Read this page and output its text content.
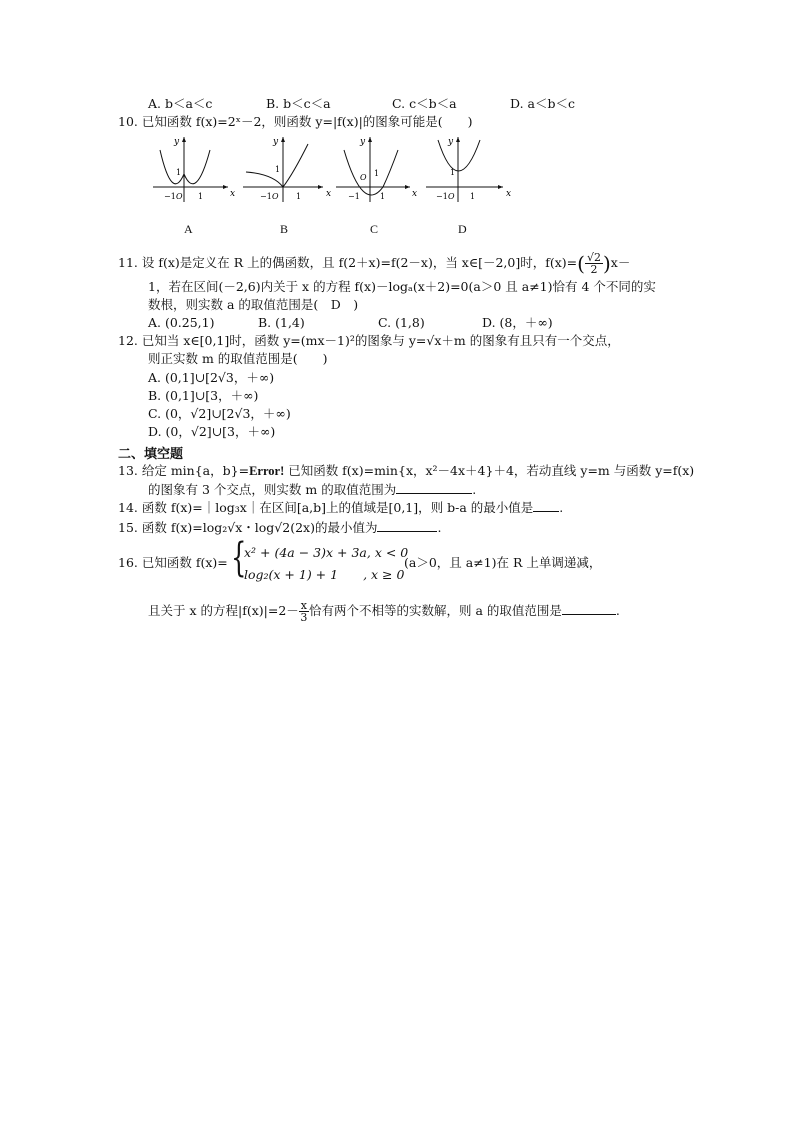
A. b＜a＜c	B. b＜c＜a	C. c＜b＜a	D. a＜b＜c
10. 已知函数 f(x)=2ˣ－2，则函数 y=|f(x)|的图象可能是(　　)
y
x
1
−1 O 1
y
x
1
−1 O 1
y
x
1
O
−1	1
y
x
1
−1 O 1
A	B	C	D
11. 设 f(x)是定义在 R 上的偶函数，且 f(2＋x)=f(2－x)，当 x∈[－2,0]时，$f(x)=( \frac{√2}{2} )x-$
1，若在区间(－2,6)内关于 x 的方程 f(x)－logₐ(x＋2)=0(a＞0 且 a≠1)恰有 4 个不同的实
数根，则实数 a 的取值范围是(　D　)
A. (0.25,1)	B. (1,4)	C. (1,8)	D. (8，＋∞)
12. 已知当 x∈[0,1]时，函数 y=(mx－1)²的图象与 y=√x＋m 的图象有且只有一个交点，
则正实数 m 的取值范围是(　　)
A. (0,1]∪[2√3，＋∞)
B. (0,1]∪[3，＋∞)
C. (0，√2]∪[2√3，＋∞)
D. (0，√2]∪[3，＋∞)
二、填空题
13. 给定 min{a，b}=Error! 已知函数 f(x)=min{x，x²－4x＋4}＋4，若动直线 y=m 与函数 y=f(x)
的图象有 3 个交点，则实数 m 的取值范围为	.
14. 函数 f(x)=｜log₃x｜在区间[a,b]上的值域是[0,1]，则 b-a 的最小值是 .
15. 函数 f(x)=log₂√x・log√2(2x)的最小值为	.
16. 已知函数 f(x)= {
x² + (4a − 3)x + 3a, x < 0
log₂(x + 1) + 1　　, x ≥ 0
(a＞0，且 a≠1)在 R 上单调递减，
且关于 x 的方程$|f(x)|=2- \frac{x}{3}$ 恰有两个不相等的实数解，则 a 的取值范围是	.
